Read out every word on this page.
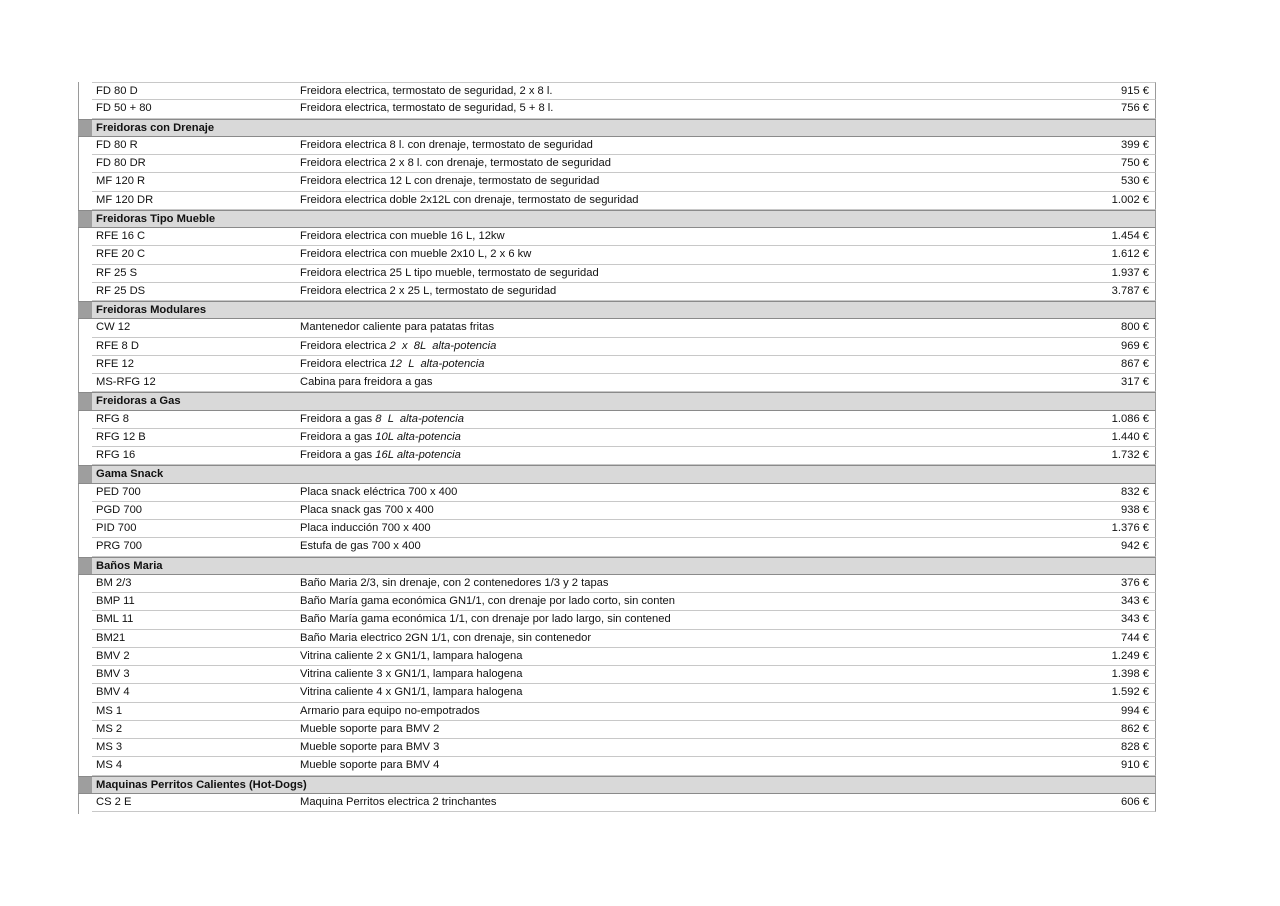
FD 80 D	Freidora electrica, termostato de seguridad, 2 x 8 l.	915 €
FD 50 + 80	Freidora electrica, termostato de seguridad, 5 + 8 l.	756 €
Freidoras con Drenaje
FD 80 R	Freidora electrica 8 l. con drenaje, termostato de seguridad	399 €
FD 80 DR	Freidora electrica 2 x 8 l. con drenaje, termostato de seguridad	750 €
MF 120 R	Freidora electrica 12 L con drenaje, termostato de seguridad	530 €
MF 120 DR	Freidora electrica doble 2x12L con drenaje, termostato de seguridad	1.002 €
Freidoras Tipo Mueble
RFE 16 C	Freidora electrica con mueble 16 L, 12kw	1.454 €
RFE 20 C	Freidora electrica con mueble 2x10 L, 2 x 6 kw	1.612 €
RF 25 S	Freidora electrica 25 L tipo mueble, termostato de seguridad	1.937 €
RF 25 DS	Freidora electrica 2 x 25 L, termostato de seguridad	3.787 €
Freidoras Modulares
CW 12	Mantenedor caliente para patatas fritas	800 €
RFE 8 D	Freidora electrica 2  x  8L  alta-potencia	969 €
RFE 12	Freidora electrica 12  L  alta-potencia	867 €
MS-RFG 12	Cabina para freidora a gas	317 €
Freidoras a Gas
RFG 8	Freidora a gas 8  L  alta-potencia	1.086 €
RFG 12 B	Freidora a gas 10L alta-potencia	1.440 €
RFG 16	Freidora a gas 16L alta-potencia	1.732 €
Gama Snack
PED 700	Placa snack eléctrica 700 x 400	832 €
PGD 700	Placa snack gas 700 x 400	938 €
PID 700	Placa inducción 700 x 400	1.376 €
PRG 700	Estufa de gas 700 x 400	942 €
Baños Maria
BM 2/3	Baño Maria 2/3, sin drenaje, con 2 contenedores 1/3 y 2 tapas	376 €
BMP 11	Baño María gama económica GN1/1, con drenaje por lado corto, sin conten	343 €
BML 11	Baño María gama económica 1/1, con drenaje por lado largo, sin contened	343 €
BM21	Baño Maria electrico 2GN 1/1, con drenaje, sin contenedor	744 €
BMV 2	Vitrina caliente 2 x GN1/1, lampara halogena	1.249 €
BMV 3	Vitrina caliente 3 x GN1/1, lampara halogena	1.398 €
BMV 4	Vitrina caliente 4 x GN1/1, lampara halogena	1.592 €
MS 1	Armario para equipo no-empotrados	994 €
MS 2	Mueble soporte para BMV 2	862 €
MS 3	Mueble soporte para BMV 3	828 €
MS 4	Mueble soporte para BMV 4	910 €
Maquinas Perritos Calientes (Hot-Dogs)
CS 2 E	Maquina Perritos electrica 2 trinchantes	606 €
